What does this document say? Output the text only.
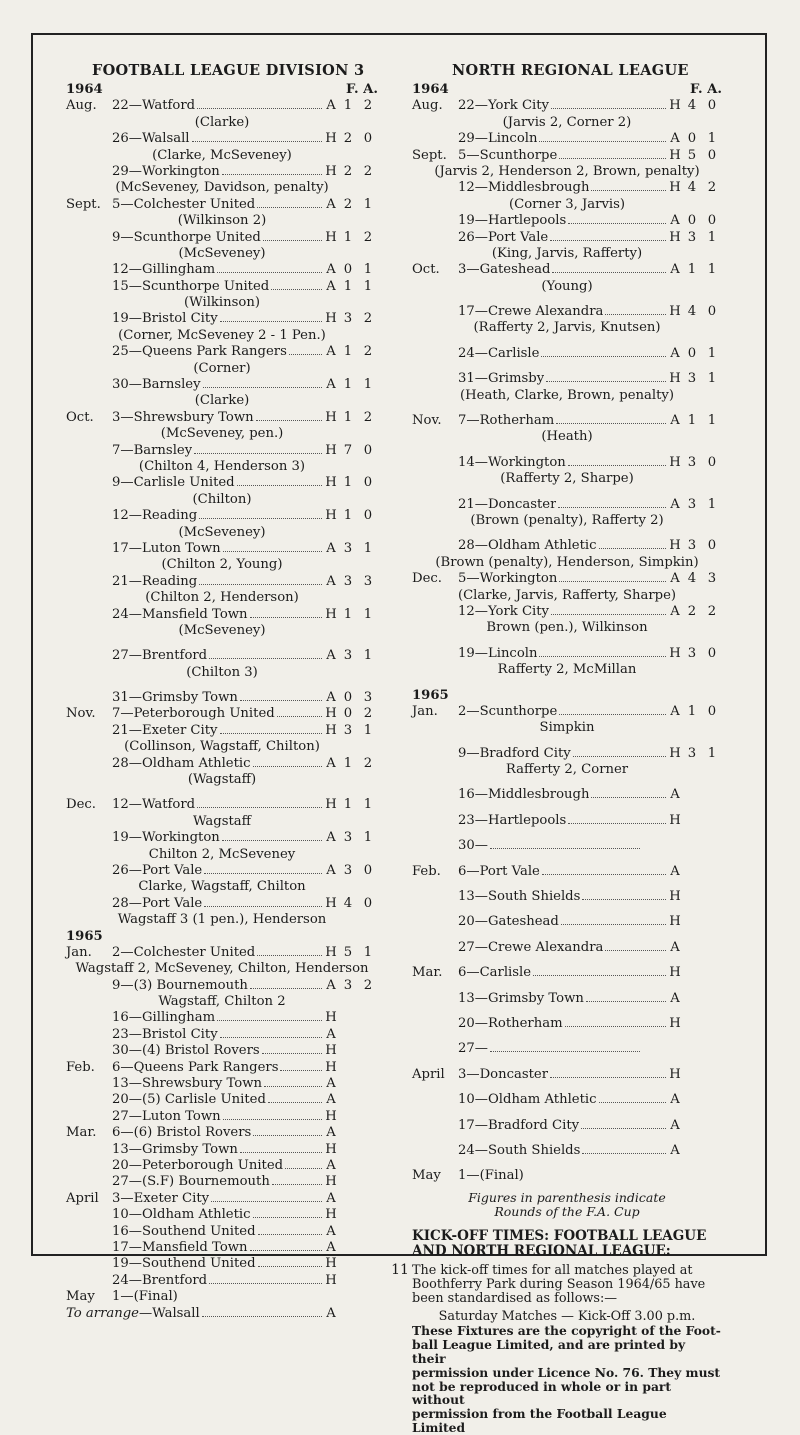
FOOTBALL LEAGUE DIVISION 3
1964	F. A.
Aug.	22—Watford	A 1 2
(Clarke)
26—Walsall	H 2 0
(Clarke, McSeveney)
29—Workington	H 2 2
(McSeveney, Davidson, penalty)
Sept. 5—Colchester United	A 2 1
(Wilkinson 2)
9—Scunthorpe United	H 1 2
(McSeveney)
12—Gillingham	A 0 1
15—Scunthorpe United	A 1 1
(Wilkinson)
19—Bristol City	H 3 2
(Corner, McSeveney 2 - 1 Pen.)
25—Queens Park Rangers	A 1 2
(Corner)
30—Barnsley	A 1 1
(Clarke)
Oct.	3—Shrewsbury Town	H 1 2
(McSeveney, pen.)
7—Barnsley	H 7 0
(Chilton 4, Henderson 3)
9—Carlisle United	H 1 0
(Chilton)
12—Reading	H 1 0
(McSeveney)
17—Luton Town	A 3 1
(Chilton 2, Young)
21—Reading	A 3 3
(Chilton 2, Henderson)
24—Mansfield Town	H 1 1
(McSeveney)
27—Brentford	A 3 1
(Chilton 3)
31—Grimsby Town	A 0 3
Nov.	7—Peterborough United	H 0 2
21—Exeter City	H 3 1
(Collinson, Wagstaff, Chilton)
28—Oldham Athletic	A 1 2
(Wagstaff)
Dec.	12—Watford	H 1 1
Wagstaff
19—Workington	A 3 1
Chilton 2, McSeveney
26—Port Vale	A 3 0
Clarke, Wagstaff, Chilton
28—Port Vale	H 4 0
Wagstaff 3 (1 pen.), Henderson
1965
Jan.	2—Colchester United	H 5 1
Wagstaff 2, McSeveney, Chilton, Henderson
9—(3) Bournemouth	A 3 2
Wagstaff, Chilton 2
16—Gillingham	H
23—Bristol City	A
30—(4) Bristol Rovers	H
Feb.	6—Queens Park Rangers	H
13—Shrewsbury Town	A
20—(5) Carlisle United	A
27—Luton Town	H
Mar.	6—(6) Bristol Rovers	A
13—Grimsby Town	H
20—Peterborough United	A
27—(S.F) Bournemouth	H
April	3—Exeter City	A
10—Oldham Athletic	H
16—Southend United	A
17—Mansfield Town	A
19—Southend United	H
24—Brentford	H
May	1—(Final)
To arrange —Walsall	A
NORTH REGIONAL LEAGUE
1964	F. A.
Aug.	22—York City	H 4 0
(Jarvis 2, Corner 2)
29—Lincoln	A 0 1
Sept. 5—Scunthorpe	H 5 0
(Jarvis 2, Henderson 2, Brown, penalty)
12—Middlesbrough	H 4 2
(Corner 3, Jarvis)
19—Hartlepools	A 0 0
26—Port Vale	H 3 1
(King, Jarvis, Rafferty)
Oct.	3—Gateshead	A 1 1
(Young)
17—Crewe Alexandra	H 4 0
(Rafferty 2, Jarvis, Knutsen)
24—Carlisle	A 0 1
31—Grimsby	H 3 1
(Heath, Clarke, Brown, penalty)
Nov.	7—Rotherham	A 1 1
(Heath)
14—Workington	H 3 0
(Rafferty 2, Sharpe)
21—Doncaster	A 3 1
(Brown (penalty), Rafferty 2)
28—Oldham Athletic	H 3 0
(Brown (penalty), Henderson, Simpkin)
Dec.	5—Workington	A 4 3
(Clarke, Jarvis, Rafferty, Sharpe)
12—York City	A 2 2
Brown (pen.), Wilkinson
19—Lincoln	H 3 0
Rafferty 2, McMillan
1965
Jan.	2—Scunthorpe	A 1 0
Simpkin
9—Bradford City	H 3 1
Rafferty 2, Corner
16—Middlesbrough	A
23—Hartlepools	H
30—
Feb.	6—Port Vale	A
13—South Shields	H
20—Gateshead	H
27—Crewe Alexandra	A
Mar.	6—Carlisle	H
13—Grimsby Town	A
20—Rotherham	H
27—
April	3—Doncaster	H
10—Oldham Athletic	A
17—Bradford City	A
24—South Shields	A
May	1—(Final)
Figures in parenthesis indicate
Rounds of the F.A. Cup
KICK-OFF TIMES: FOOTBALL LEAGUE
AND NORTH REGIONAL LEAGUE:
The kick-off times for all matches played at
Boothferry Park during Season 1964/65 have
been standardised as follows:—
Saturday Matches — Kick-Off 3.00 p.m.
These Fixtures are the copyright of the Foot-
ball League Limited, and are printed by their
permission under Licence No. 76. They must
not be reproduced in whole or in part without
permission from the Football League Limited
11
